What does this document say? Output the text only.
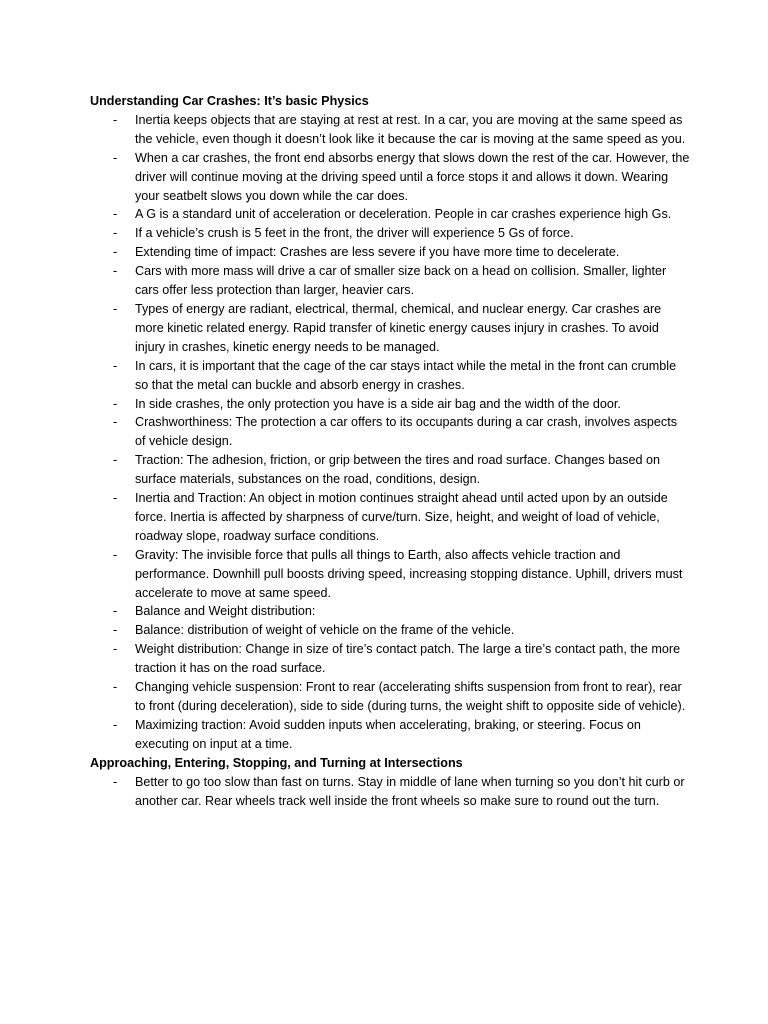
Understanding Car Crashes: It’s basic Physics

- Inertia keeps objects that are staying at rest at rest. In a car, you are moving at the same speed as the vehicle, even though it doesn’t look like it because the car is moving at the same speed as you.
- When a car crashes, the front end absorbs energy that slows down the rest of the car. However, the driver will continue moving at the driving speed until a force stops it and allows it down. Wearing your seatbelt slows you down while the car does.
- A G is a standard unit of acceleration or deceleration. People in car crashes experience high Gs.
- If a vehicle’s crush is 5 feet in the front, the driver will experience 5 Gs of force.
- Extending time of impact: Crashes are less severe if you have more time to decelerate.
- Cars with more mass will drive a car of smaller size back on a head on collision. Smaller, lighter cars offer less protection than larger, heavier cars.
- Types of energy are radiant, electrical, thermal, chemical, and nuclear energy. Car crashes are more kinetic related energy. Rapid transfer of kinetic energy causes injury in crashes. To avoid injury in crashes, kinetic energy needs to be managed.
- In cars, it is important that the cage of the car stays intact while the metal in the front can crumble so that the metal can buckle and absorb energy in crashes.
- In side crashes, the only protection you have is a side air bag and the width of the door.
- Crashworthiness: The protection a car offers to its occupants during a car crash, involves aspects of vehicle design.
- Traction: The adhesion, friction, or grip between the tires and road surface. Changes based on surface materials, substances on the road, conditions, design.
- Inertia and Traction: An object in motion continues straight ahead until acted upon by an outside force. Inertia is affected by sharpness of curve/turn. Size, height, and weight of load of vehicle, roadway slope, roadway surface conditions.
- Gravity: The invisible force that pulls all things to Earth, also affects vehicle traction and performance. Downhill pull boosts driving speed, increasing stopping distance. Uphill, drivers must accelerate to move at same speed.
- Balance and Weight distribution:
- Balance: distribution of weight of vehicle on the frame of the vehicle.
- Weight distribution: Change in size of tire’s contact patch. The large a tire’s contact path, the more traction it has on the road surface.
- Changing vehicle suspension: Front to rear (accelerating shifts suspension from front to rear), rear to front (during deceleration), side to side (during turns, the weight shift to opposite side of vehicle).
- Maximizing traction: Avoid sudden inputs when accelerating, braking, or steering. Focus on executing on input at a time.

Approaching, Entering, Stopping, and Turning at Intersections

- Better to go too slow than fast on turns. Stay in middle of lane when turning so you don’t hit curb or another car. Rear wheels track well inside the front wheels so make sure to round out the turn.
